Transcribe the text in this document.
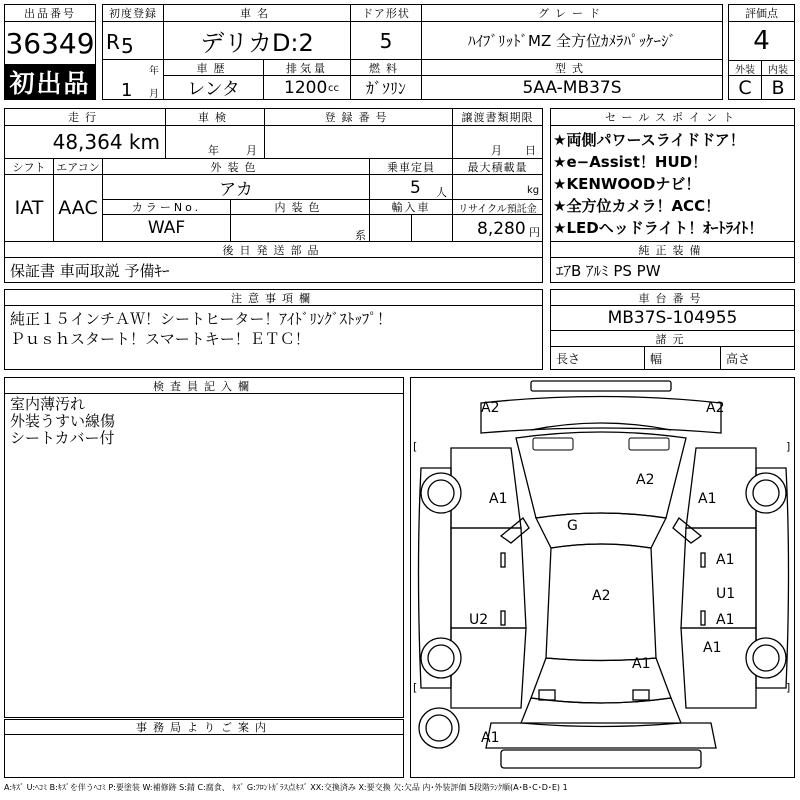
出品番号
36349
初出品
初度登録
R 5
年
1 月
車名
デリカD:2
ドア形状
5
グレード
ﾊｲﾌﾞﾘｯﾄﾞMZ 全方位ｶﾒﾗﾊﾟｯｹｰｼﾞ
評価点
4
外装	内装
C	B
車歴
レンタ
排気量
1200 cc
燃料
ｶﾞｿﾘﾝ
型式
5AA-MB37S
走行
48,364 km
車検
年 月
登録番号	譲渡書類期限
月 日
シフト
IAT
エアコン
AAC
外装色
アカ
乗車定員
5 人
最大積載量
kg
カラーNo.
WAF
内装色
系
輸入車	リサイクル預託金
8,280 円
セールスポイント
★両側パワースライドドア！
★e−Assist！HUD！
★KENWOODナビ！
★全方位カメラ！ACC！
★LEDヘッドライト！ｵｰﾄﾗｲﾄ！
後日発送部品
保証書 車両取説 予備ｷｰ
純正装備
ｴｱB ｱﾙﾐ PS PW
注意事項欄
純正１５インチＡＷ！シートヒーター！ｱｲﾄﾞﾘﾝｸﾞｽﾄｯﾌﾟ！
Ｐｕｓｈスタート！スマートキー！ＥＴＣ！
車台番号
MB37S-104955
諸元
長さ	幅	高さ
検査員記入欄
室内薄汚れ
外装うすい線傷
シートカバー付
事務局よりご案内
A:ｷｽﾞ U:ﾍｺﾐ B:ｷｽﾞを伴うﾍｺﾐ P:要塗装 W:補修跡 S:錆 C:腐食、 ｷｽﾞ G:ﾌﾛﾝﾄｶﾞﾗｽ点ｷｽﾞ XX:交換済み X:要交換 欠:欠品 内･外装評価 5段階ﾗﾝｸ順(A･B･C･D･E) 1
[	]
[	]
A2	A2
A2
A1	A1
G
A1
U1
A2
A1
U2
A1
A1
A1
